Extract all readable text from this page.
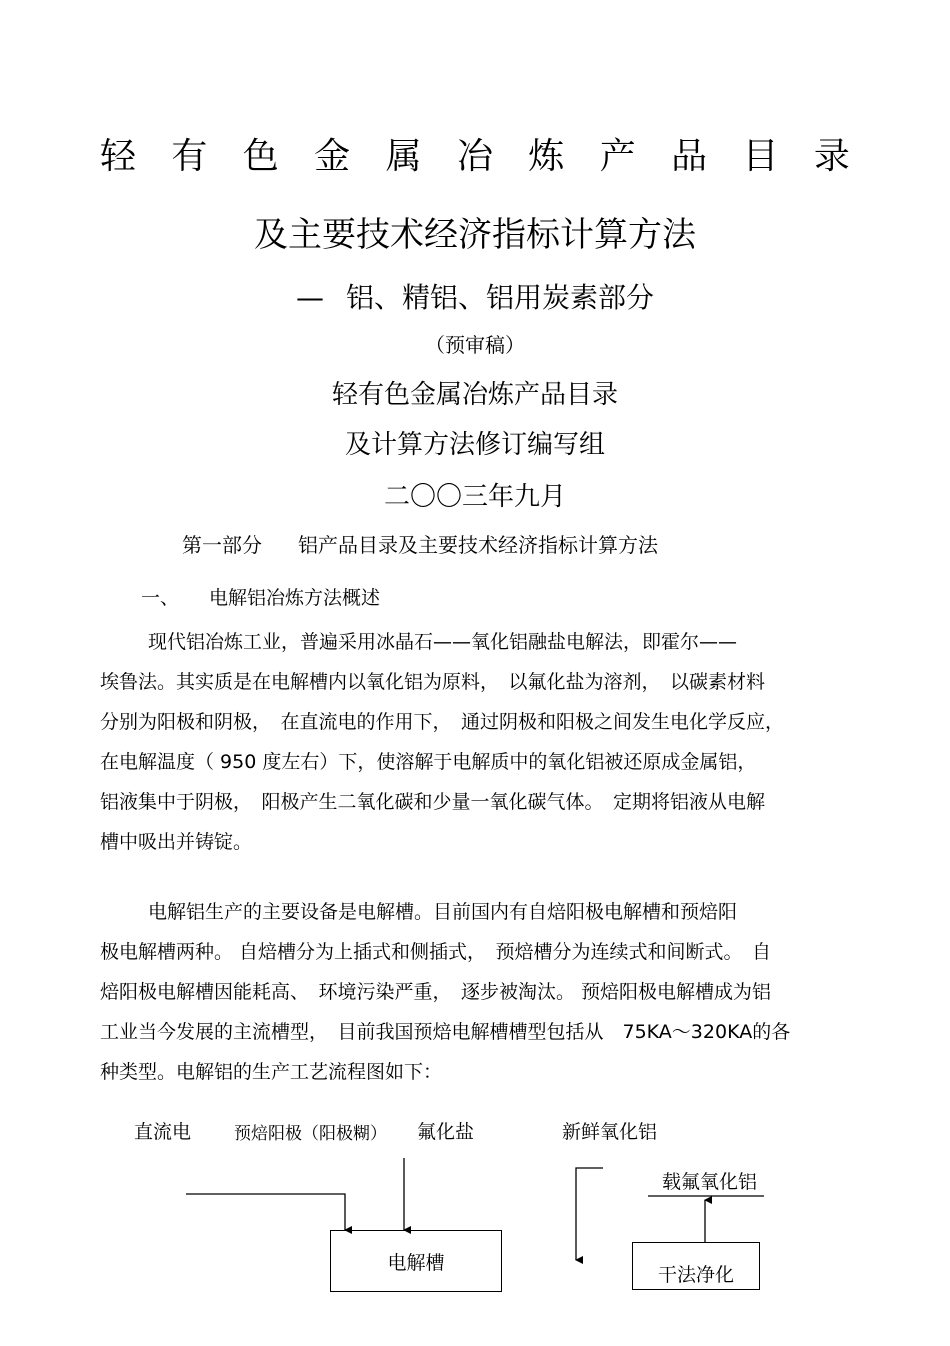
轻 有 色 金 属 冶 炼 产 品 目 录
及主要技术经济指标计算方法
— 铝、精铝、铝用炭素部分
（预审稿）
轻有色金属冶炼产品目录
及计算方法修订编写组
二〇〇三年九月
第一部分 铝产品目录及主要技术经济指标计算方法
一、 电解铝冶炼方法概述
现代铝冶炼工业，普遍采用冰晶石——氧化铝融盐电解法，即霍尔——
埃鲁法。其实质是在电解槽内以氧化铝为原料，　以氟化盐为溶剂，　以碳素材料
分别为阳极和阴极，　在直流电的作用下，　通过阴极和阳极之间发生电化学反应，
在电解温度（ 950 度左右）下，使溶解于电解质中的氧化铝被还原成金属铝，
铝液集中于阴极，　阳极产生二氧化碳和少量一氧化碳气体。　定期将铝液从电解
槽中吸出并铸锭。
电解铝生产的主要设备是电解槽。目前国内有自焙阳极电解槽和预焙阳
极电解槽两种。 自焙槽分为上插式和侧插式，　预焙槽分为连续式和间断式。　自
焙阳极电解槽因能耗高、　环境污染严重，　逐步被淘汰。 预焙阳极电解槽成为铝
工业当今发展的主流槽型，　目前我国预焙电解槽槽型包括从　75KA～320KA的各
种类型。电解铝的生产工艺流程图如下：
直流电	预焙阳极（阳极糊） 氟化盐	新鲜氧化铝
载氟氧化铝
电解槽
干法净化
